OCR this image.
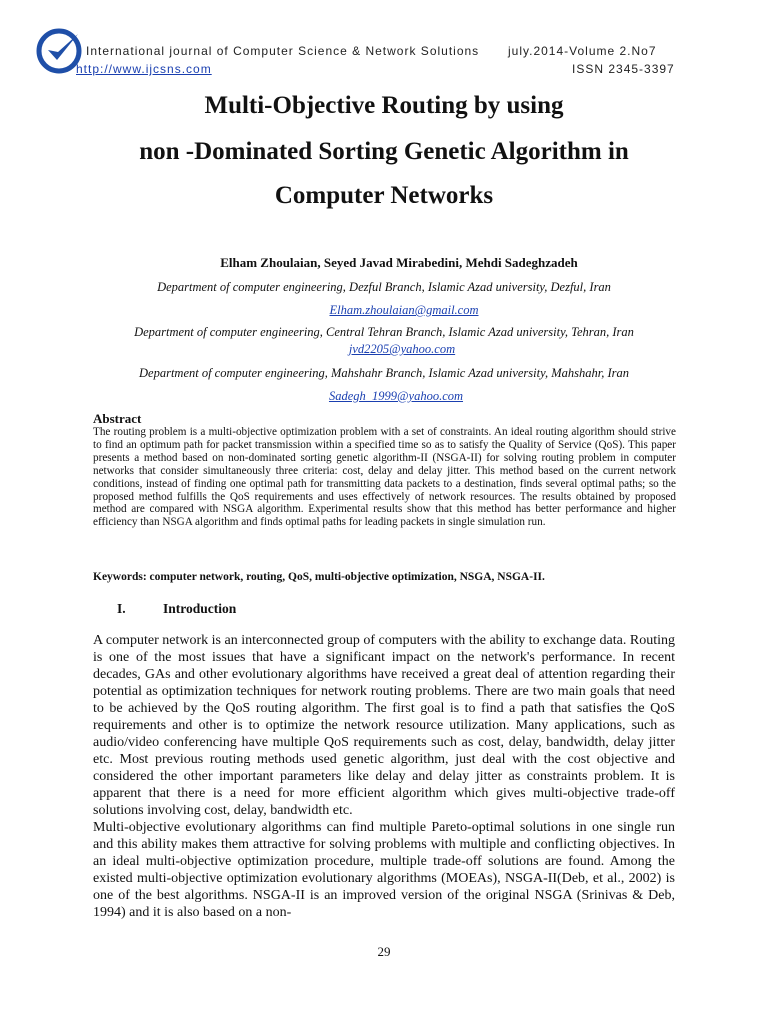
International journal of Computer Science & Network Solutions july.2014-Volume 2.No7
http://www.ijcsns.com	ISSN 2345-3397
Multi-Objective Routing by using
non -Dominated Sorting Genetic Algorithm in
Computer Networks
Elham Zhoulaian, Seyed Javad Mirabedini, Mehdi Sadeghzadeh
Department of computer engineering, Dezful Branch, Islamic Azad university, Dezful, Iran
Elham.zhoulaian@gmail.com
Department of computer engineering, Central Tehran Branch, Islamic Azad university, Tehran, Iran
jvd2205@yahoo.com
Department of computer engineering, Mahshahr Branch, Islamic Azad university, Mahshahr, Iran
Sadegh_1999@yahoo.com
Abstract
The routing problem is a multi-objective optimization problem with a set of constraints. An ideal routing algorithm should strive to find an optimum path for packet transmission within a specified time so as to satisfy the Quality of Service (QoS). This paper presents a method based on non-dominated sorting genetic algorithm-II (NSGA-II) for solving routing problem in computer networks that consider simultaneously three criteria: cost, delay and delay jitter. This method based on the current network conditions, instead of finding one optimal path for transmitting data packets to a destination, finds several optimal paths; so the proposed method fulfills the QoS requirements and uses effectively of network resources. The results obtained by proposed method are compared with NSGA algorithm. Experimental results show that this method has better performance and higher efficiency than NSGA algorithm and finds optimal paths for leading packets in single simulation run.
Keywords: computer network, routing, QoS, multi-objective optimization, NSGA, NSGA-II.
I.	Introduction

A computer network is an interconnected group of computers with the ability to exchange data. Routing is one of the most issues that have a significant impact on the network's performance. In recent decades, GAs and other evolutionary algorithms have received a great deal of attention regarding their potential as optimization techniques for network routing problems. There are two main goals that need to be achieved by the QoS routing algorithm. The first goal is to find a path that satisfies the QoS requirements and other is to optimize the network resource utilization. Many applications, such as audio/video conferencing have multiple QoS requirements such as cost, delay, bandwidth, delay jitter etc. Most previous routing methods used genetic algorithm, just deal with the cost objective and considered the other important parameters like delay and delay jitter as constraints problem. It is apparent that there is a need for more efficient algorithm which gives multi-objective trade-off solutions involving cost, delay, bandwidth etc.

Multi-objective evolutionary algorithms can find multiple Pareto-optimal solutions in one single run and this ability makes them attractive for solving problems with multiple and conflicting objectives. In an ideal multi-objective optimization procedure, multiple trade-off solutions are found. Among the existed multi-objective optimization evolutionary algorithms (MOEAs), NSGA-II(Deb, et al., 2002) is one of the best algorithms. NSGA-II is an improved version of the original NSGA (Srinivas & Deb, 1994) and it is also based on a non-

29
